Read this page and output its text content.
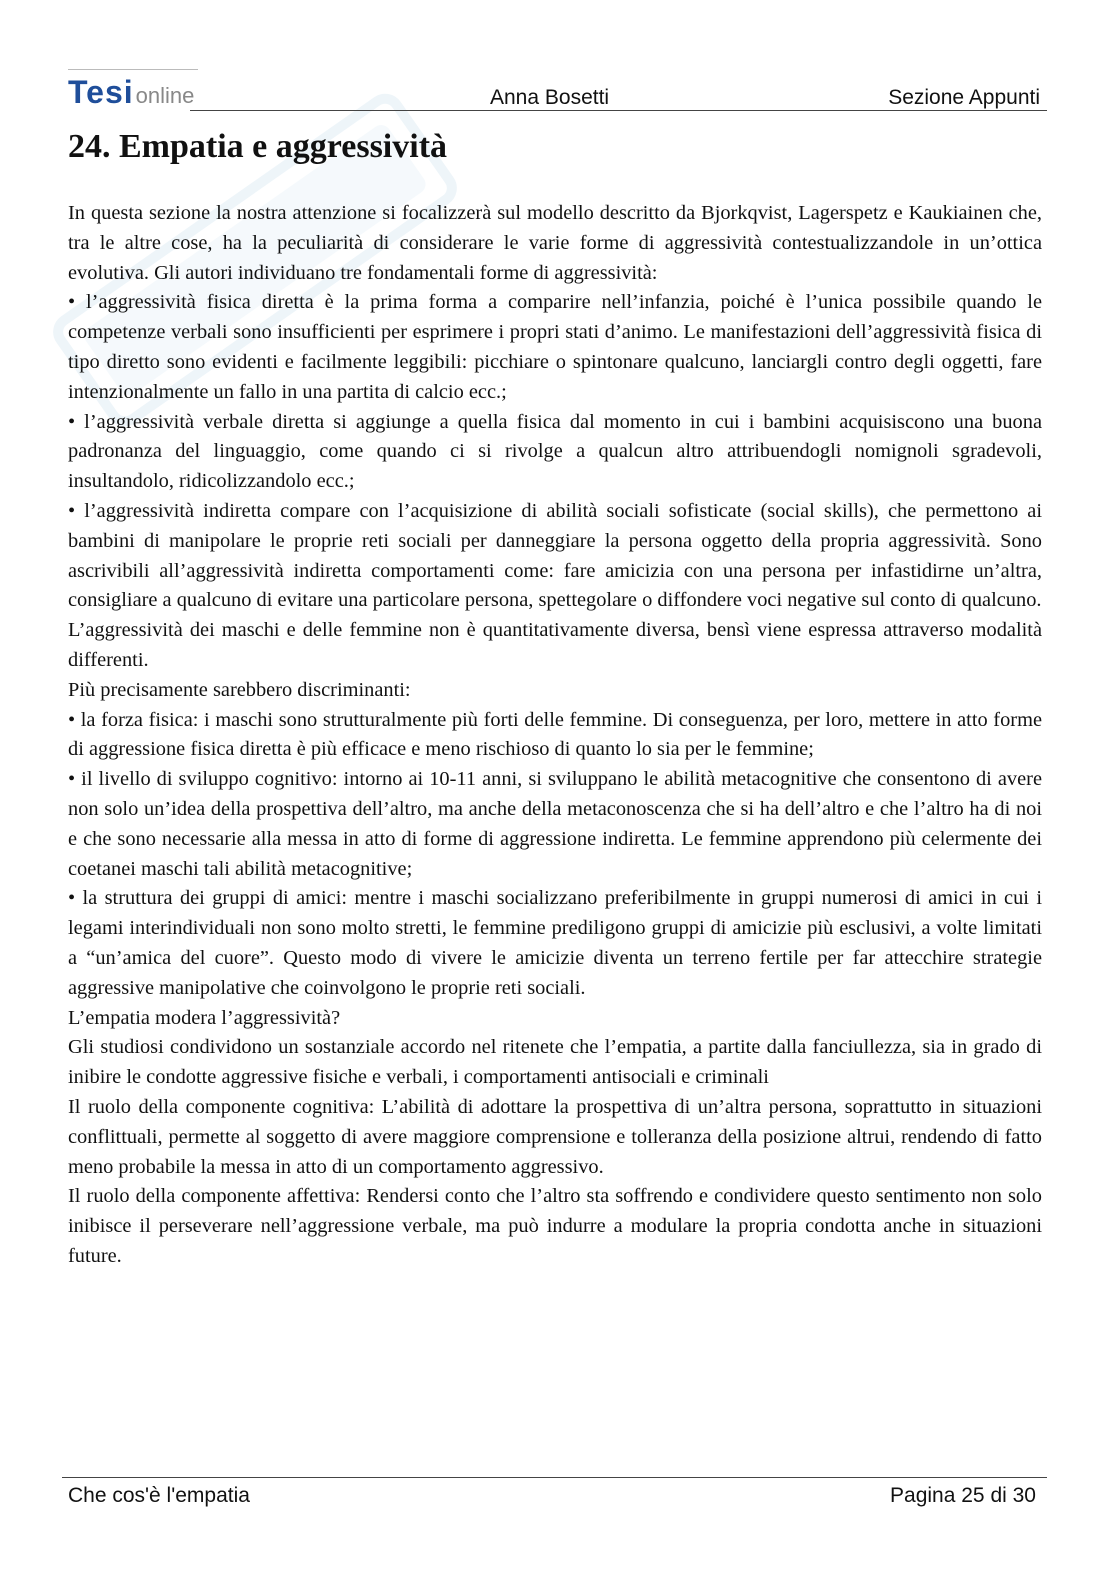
Tesionline	Anna Bosetti	Sezione Appunti
24. Empatia e aggressività

In questa sezione la nostra attenzione si focalizzerà sul modello descritto da Bjorkqvist, Lagerspetz e Kaukiainen che, tra le altre cose, ha la peculiarità di considerare le varie forme di aggressività contestualizzandole in un’ottica evolutiva. Gli autori individuano tre fondamentali forme di aggressività:

• l’aggressività fisica diretta è la prima forma a comparire nell’infanzia, poiché è l’unica possibile quando le competenze verbali sono insufficienti per esprimere i propri stati d’animo. Le manifestazioni dell’aggressività fisica di tipo diretto sono evidenti e facilmente leggibili: picchiare o spintonare qualcuno, lanciargli contro degli oggetti, fare intenzionalmente un fallo in una partita di calcio ecc.;

• l’aggressività verbale diretta si aggiunge a quella fisica dal momento in cui i bambini acquisiscono una buona padronanza del linguaggio, come quando ci si rivolge a qualcun altro attribuendogli nomignoli sgradevoli, insultandolo, ridicolizzandolo ecc.;

• l’aggressività indiretta compare con l’acquisizione di abilità sociali sofisticate (social skills), che permettono ai bambini di manipolare le proprie reti sociali per danneggiare la persona oggetto della propria aggressività. Sono ascrivibili all’aggressività indiretta comportamenti come: fare amicizia con una persona per infastidirne un’altra, consigliare a qualcuno di evitare una particolare persona, spettegolare o diffondere voci negative sul conto di qualcuno.

L’aggressività dei maschi e delle femmine non è quantitativamente diversa, bensì viene espressa attraverso modalità differenti.

Più precisamente sarebbero discriminanti:

• la forza fisica: i maschi sono strutturalmente più forti delle femmine. Di conseguenza, per loro, mettere in atto forme di aggressione fisica diretta è più efficace e meno rischioso di quanto lo sia per le femmine;

• il livello di sviluppo cognitivo: intorno ai 10-11 anni, si sviluppano le abilità metacognitive che consentono di avere non solo un’idea della prospettiva dell’altro, ma anche della metaconoscenza che si ha dell’altro e che l’altro ha di noi e che sono necessarie alla messa in atto di forme di aggressione indiretta. Le femmine apprendono più celermente dei coetanei maschi tali abilità metacognitive;

• la struttura dei gruppi di amici: mentre i maschi socializzano preferibilmente in gruppi numerosi di amici in cui i legami interindividuali non sono molto stretti, le femmine prediligono gruppi di amicizie più esclusivi, a volte limitati a “un’amica del cuore”. Questo modo di vivere le amicizie diventa un terreno fertile per far attecchire strategie aggressive manipolative che coinvolgono le proprie reti sociali.

L’empatia modera l’aggressività?

Gli studiosi condividono un sostanziale accordo nel ritenete che l’empatia, a partite dalla fanciullezza, sia in grado di inibire le condotte aggressive fisiche e verbali, i comportamenti antisociali e criminali

Il ruolo della componente cognitiva: L’abilità di adottare la prospettiva di un’altra persona, soprattutto in situazioni conflittuali, permette al soggetto di avere maggiore comprensione e tolleranza della posizione altrui, rendendo di fatto meno probabile la messa in atto di un comportamento aggressivo.

Il ruolo della componente affettiva: Rendersi conto che l’altro sta soffrendo e condividere questo sentimento non solo inibisce il perseverare nell’aggressione verbale, ma può indurre a modulare la propria condotta anche in situazioni future.

Che cos'è l'empatia	Pagina 25 di 30
